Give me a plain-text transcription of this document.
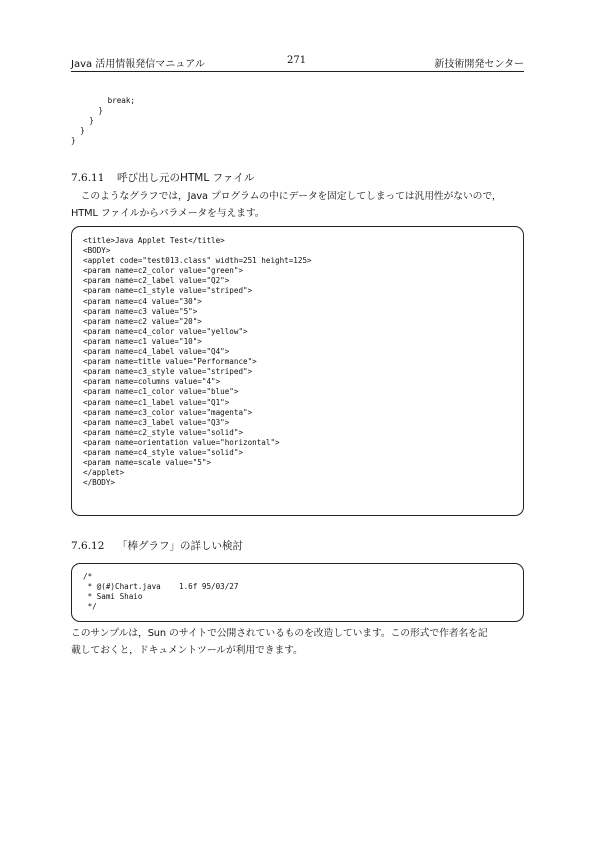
Java 活用情報発信マニュアル	271	新技術開発センター
break;
}
}
}
}
7.6.11 呼び出し元のHTML ファイル
　このようなグラフでは，Java プログラムの中にデータを固定してしまっては汎用性がないので，
HTML ファイルからパラメータを与えます。
<title>Java Applet Test</title>
<BODY>
<applet code="test013.class" width=251 height=125>
<param name=c2_color value="green">
<param name=c2_label value="Q2">
<param name=c1_style value="striped">
<param name=c4 value="30">
<param name=c3 value="5">
<param name=c2 value="20">
<param name=c4_color value="yellow">
<param name=c1 value="10">
<param name=c4_label value="Q4">
<param name=title value="Performance">
<param name=c3_style value="striped">
<param name=columns value="4">
<param name=c1_color value="blue">
<param name=c1_label value="Q1">
<param name=c3_color value="magenta">
<param name=c3_label value="Q3">
<param name=c2_style value="solid">
<param name=orientation value="horizontal">
<param name=c4_style value="solid">
<param name=scale value="5">
</applet>
</BODY>
7.6.12 「棒グラフ」の詳しい検討
/*
* @(#)Chart.java    1.6f 95/03/27
* Sami Shaio
*/
このサンプルは，Sun のサイトで公開されているものを改造しています。この形式で作者名を記
載しておくと，ドキュメントツールが利用できます。
